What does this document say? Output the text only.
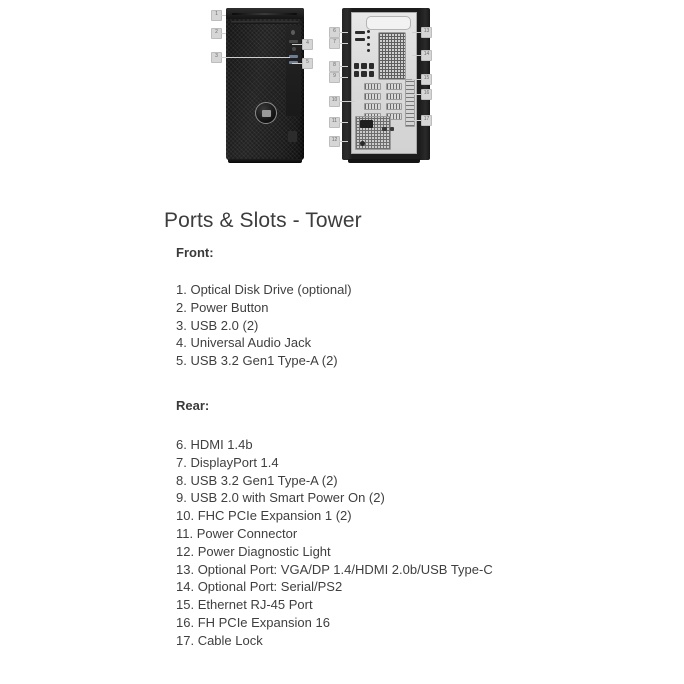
1
2
3
4
5
6
7
8
9
10
11
12
13
14
15
16
17
Ports & Slots - Tower
Front:
1. Optical Disk Drive (optional)
2. Power Button
3. USB 2.0 (2)
4. Universal Audio Jack
5. USB 3.2 Gen1 Type-A (2)
Rear:
6. HDMI 1.4b
7. DisplayPort 1.4
8. USB 3.2 Gen1 Type-A (2)
9. USB 2.0 with Smart Power On (2)
10. FHC PCIe Expansion 1 (2)
11. Power Connector
12. Power Diagnostic Light
13. Optional Port: VGA/DP 1.4/HDMI 2.0b/USB Type-C
14. Optional Port: Serial/PS2
15. Ethernet RJ-45 Port
16. FH PCIe Expansion 16
17. Cable Lock
